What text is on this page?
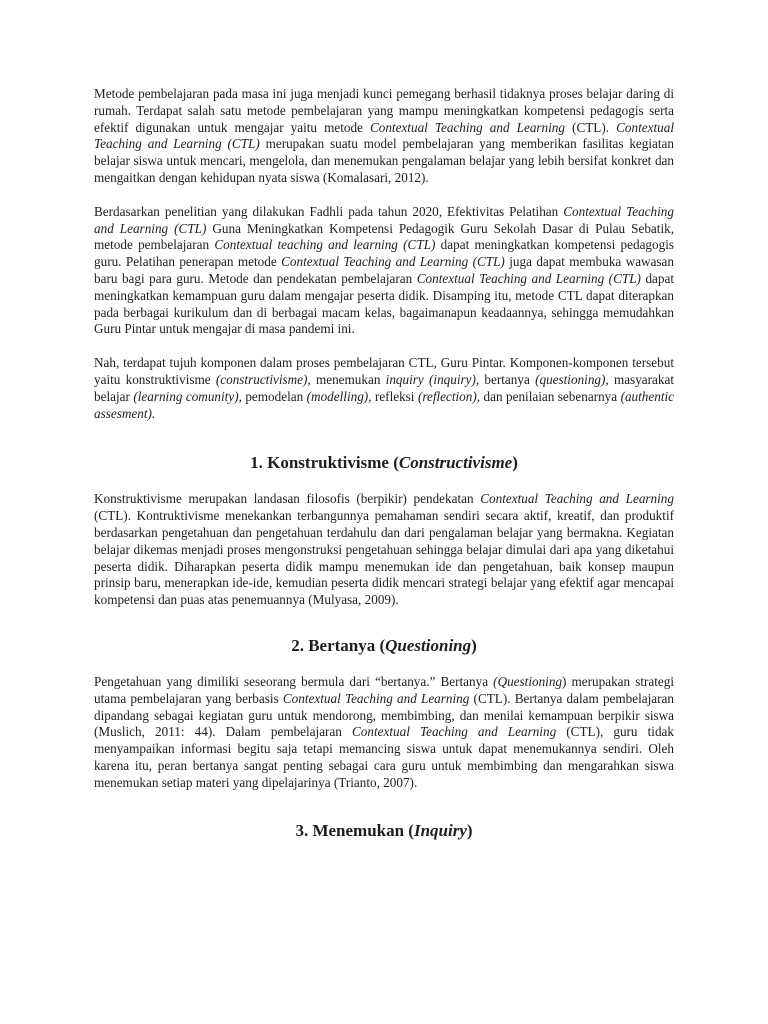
Metode pembelajaran pada masa ini juga menjadi kunci pemegang berhasil tidaknya proses belajar daring di rumah. Terdapat salah satu metode pembelajaran yang mampu meningkatkan kompetensi pedagogis serta efektif digunakan untuk mengajar yaitu metode Contextual Teaching and Learning (CTL). Contextual Teaching and Learning (CTL) merupakan suatu model pembelajaran yang memberikan fasilitas kegiatan belajar siswa untuk mencari, mengelola, dan menemukan pengalaman belajar yang lebih bersifat konkret dan mengaitkan dengan kehidupan nyata siswa (Komalasari, 2012).

Berdasarkan penelitian yang dilakukan Fadhli pada tahun 2020, Efektivitas Pelatihan Contextual Teaching and Learning (CTL) Guna Meningkatkan Kompetensi Pedagogik Guru Sekolah Dasar di Pulau Sebatik, metode pembelajaran Contextual teaching and learning (CTL) dapat meningkatkan kompetensi pedagogis guru. Pelatihan penerapan metode Contextual Teaching and Learning (CTL) juga dapat membuka wawasan baru bagi para guru. Metode dan pendekatan pembelajaran Contextual Teaching and Learning (CTL) dapat meningkatkan kemampuan guru dalam mengajar peserta didik. Disamping itu, metode CTL dapat diterapkan pada berbagai kurikulum dan di berbagai macam kelas, bagaimanapun keadaannya, sehingga memudahkan Guru Pintar untuk mengajar di masa pandemi ini.

Nah, terdapat tujuh komponen dalam proses pembelajaran CTL, Guru Pintar. Komponen-komponen tersebut yaitu konstruktivisme (constructivisme), menemukan inquiry (inquiry), bertanya (questioning), masyarakat belajar (learning comunity), pemodelan (modelling), refleksi (reflection), dan penilaian sebenarnya (authentic assesment).

1. Konstruktivisme (Constructivisme)

Konstruktivisme merupakan landasan filosofis (berpikir) pendekatan Contextual Teaching and Learning (CTL). Kontruktivisme menekankan terbangunnya pemahaman sendiri secara aktif, kreatif, dan produktif berdasarkan pengetahuan dan pengetahuan terdahulu dan dari pengalaman belajar yang bermakna. Kegiatan belajar dikemas menjadi proses mengonstruksi pengetahuan sehingga belajar dimulai dari apa yang diketahui peserta didik. Diharapkan peserta didik mampu menemukan ide dan pengetahuan, baik konsep maupun prinsip baru, menerapkan ide-ide, kemudian peserta didik mencari strategi belajar yang efektif agar mencapai kompetensi dan puas atas penemuannya (Mulyasa, 2009).

2. Bertanya (Questioning)

Pengetahuan yang dimiliki seseorang bermula dari “bertanya.” Bertanya (Questioning) merupakan strategi utama pembelajaran yang berbasis Contextual Teaching and Learning (CTL). Bertanya dalam pembelajaran dipandang sebagai kegiatan guru untuk mendorong, membimbing, dan menilai kemampuan berpikir siswa (Muslich, 2011: 44). Dalam pembelajaran Contextual Teaching and Learning (CTL), guru tidak menyampaikan informasi begitu saja tetapi memancing siswa untuk dapat menemukannya sendiri. Oleh karena itu, peran bertanya sangat penting sebagai cara guru untuk membimbing dan mengarahkan siswa menemukan setiap materi yang dipelajarinya (Trianto, 2007).

3. Menemukan (Inquiry)
